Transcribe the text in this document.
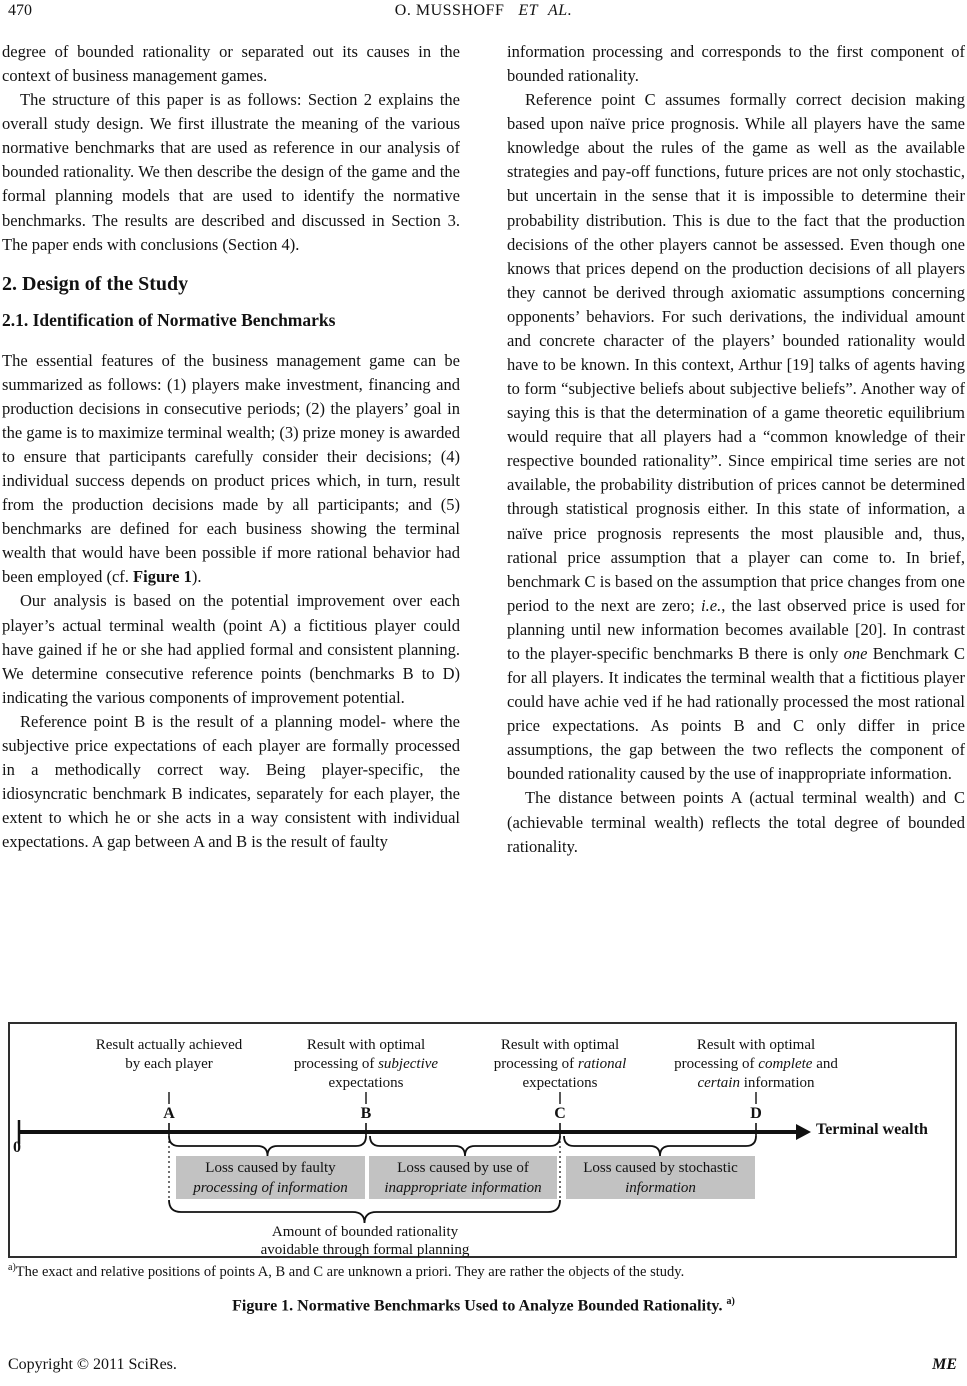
470	O. MUSSHOFF ET AL.

degree of bounded rationality or separated out its causes in the context of business management games.

The structure of this paper is as follows: Section 2 explains the overall study design. We first illustrate the meaning of the various normative benchmarks that are used as reference in our analysis of bounded rationality. We then describe the design of the game and the formal planning models that are used to identify the normative benchmarks. The results are described and discussed in Section 3. The paper ends with conclusions (Section 4).

2. Design of the Study
2.1. Identification of Normative Benchmarks

The essential features of the business management game can be summarized as follows: (1) players make investment, financing and production decisions in consecutive periods; (2) the players’ goal in the game is to maximize terminal wealth; (3) prize money is awarded to ensure that participants carefully consider their decisions; (4) individual success depends on product prices which, in turn, result from the production decisions made by all participants; and (5) benchmarks are defined for each business showing the terminal wealth that would have been possible if more rational behavior had been employed (cf. Figure 1).

Our analysis is based on the potential improvement over each player’s actual terminal wealth (point A) a fictitious player could have gained if he or she had applied formal and consistent planning. We determine consecutive reference points (benchmarks B to D) indicating the various components of improvement potential.

Reference point B is the result of a planning model- where the subjective price expectations of each player are formally processed in a methodically correct way. Being player-specific, the idiosyncratic benchmark B indicates, separately for each player, the extent to which he or she acts in a way consistent with individual expectations. A gap between A and B is the result of faulty

information processing and corresponds to the first component of bounded rationality.

Reference point C assumes formally correct decision making based upon naïve price prognosis. While all players have the same knowledge about the rules of the game as well as the available strategies and pay-off functions, future prices are not only stochastic, but uncertain in the sense that it is impossible to determine their probability distribution. This is due to the fact that the production decisions of the other players cannot be assessed. Even though one knows that prices depend on the production decisions of all players they cannot be derived through axiomatic assumptions concerning opponents’ behaviors. For such derivations, the individual amount and concrete character of the players’ bounded rationality would have to be known. In this context, Arthur [19] talks of agents having to form “subjective beliefs about subjective beliefs”. Another way of saying this is that the determination of a game theoretic equilibrium would require that all players had a “common knowledge of their respective bounded rationality”. Since empirical time series are not available, the probability distribution of prices cannot be determined through statistical prognosis either. In this state of information, a naïve price prognosis represents the most plausible and, thus, rational price assumption that a player can come to. In brief, benchmark C is based on the assumption that price changes from one period to the next are zero; i.e., the last observed price is used for planning until new information becomes available [20]. In contrast to the player-specific benchmarks B there is only one Benchmark C for all players. It indicates the terminal wealth that a fictitious player could have achie ved if he had rationally processed the most rational price expectations. As points B and C only differ in price assumptions, the gap between the two reflects the component of bounded rationality caused by the use of inappropriate information.

The distance between points A (actual terminal wealth) and C (achievable terminal wealth) reflects the total degree of bounded rationality.

Result actually achieved
by each player
Result with optimal
processing of subjective
expectations
Result with optimal
processing of rational
expectations
Result with optimal
processing of complete and
certain information
A	B	C	D
0
Terminal wealth
Loss caused by faulty
processing of information
Loss caused by use of
inappropriate information
Loss caused by stochastic
information
Amount of bounded rationality
avoidable through formal planning
$^{a)}$The exact and relative positions of points A, B and C are unknown a priori. They are rather the objects of the study.
Figure 1. Normative Benchmarks Used to Analyze Bounded Rationality. $^{a)}$
Copyright © 2011 SciRes.	ME
